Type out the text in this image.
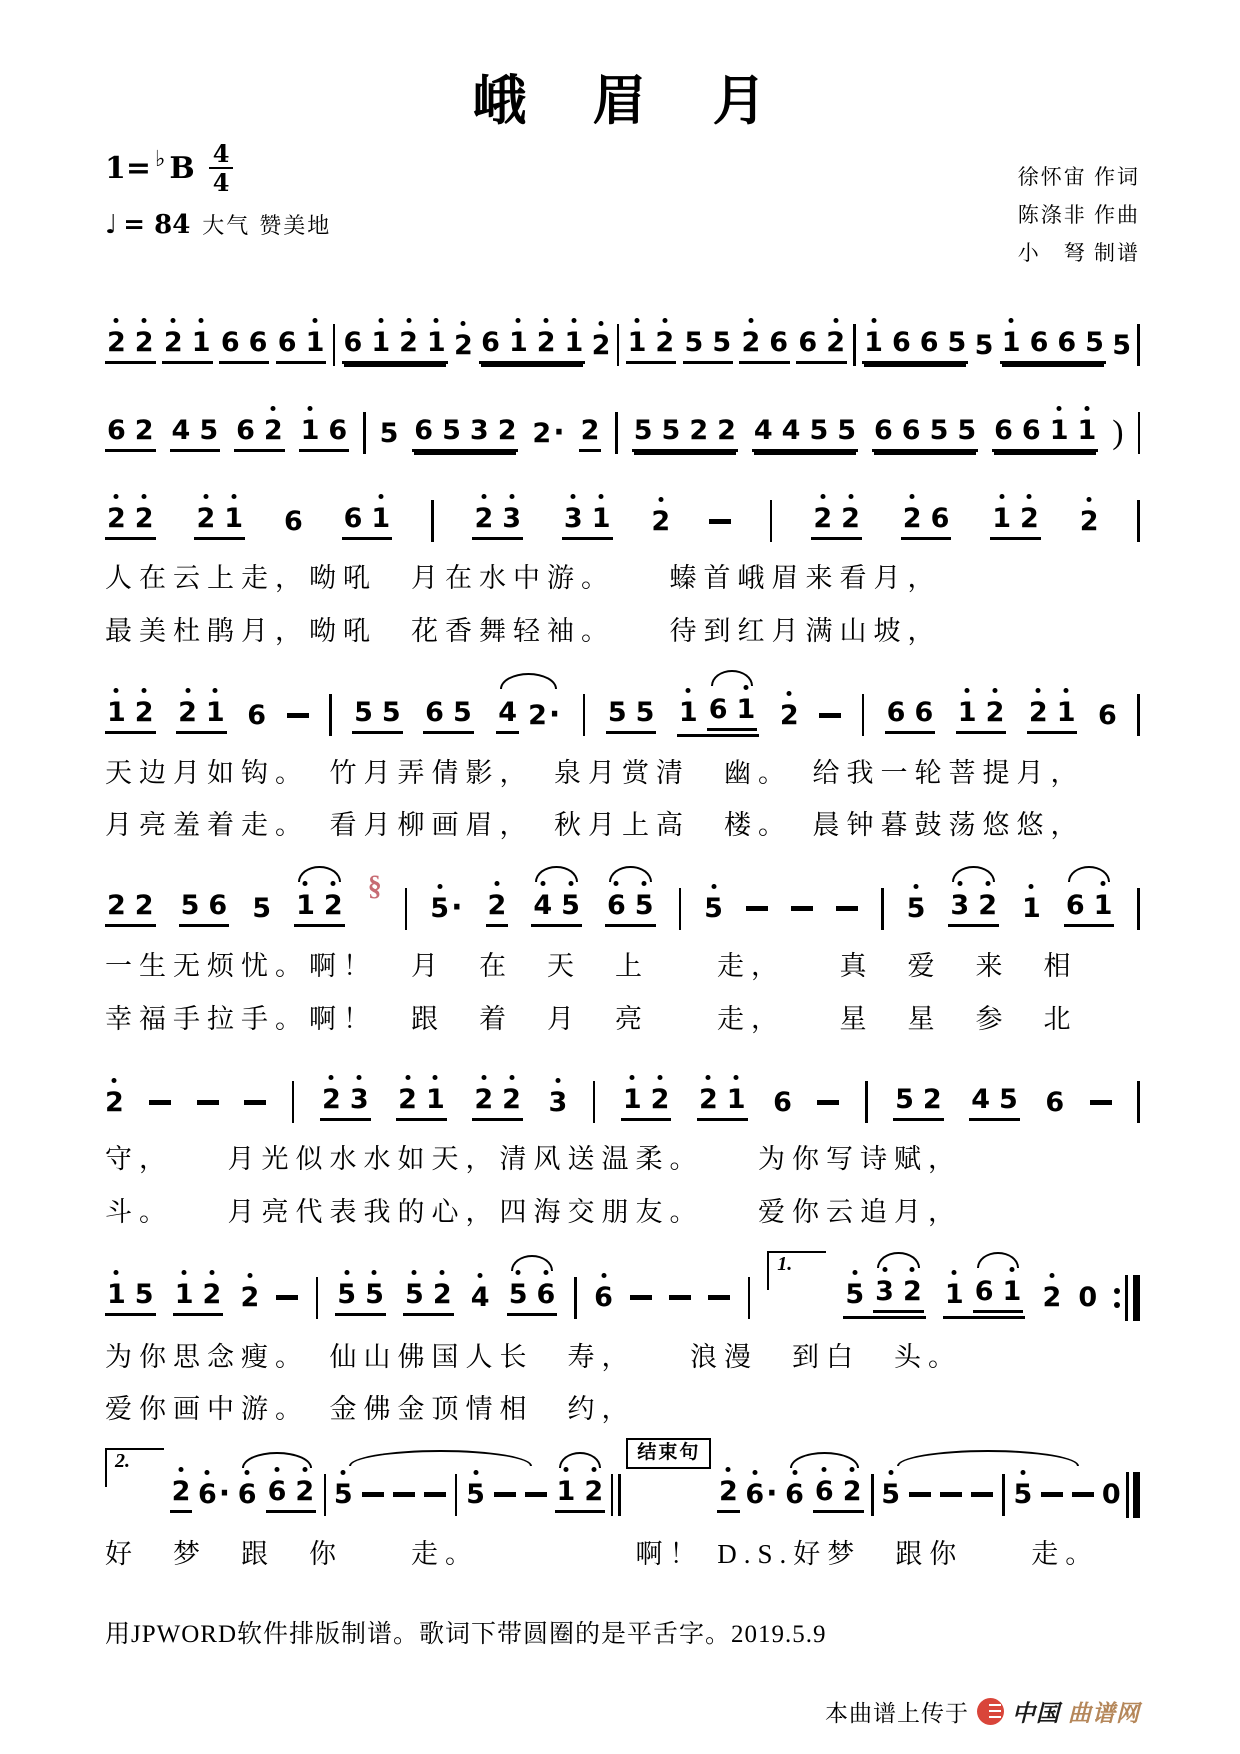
峨　眉　月
1= ♭ B $\frac{4}{4}$
♩ = 84 大气 赞美地
徐怀宙 作词
陈涤非 作曲
小　弩 制谱
2 2 2 1 6 6 6 1 6 1 2 1 2 6 1 2 1 2 1 2 5 5 2 6 6 2 1 6 6 5 5 1 6 6 5 5
6 2 4 5 6 2 1 6 5 6 5 3 2 2· 2 5 5 2 2 4 4 5 5 6 6 5 5 6 6 1 1 )
2 2 2 1 6 6 1	2 3 3 1 2	2 2 2 6 1 2 2
人在云上走，呦吼　月在水中游。　　螓首峨眉来看月，
最美杜鹃月，呦吼　花香舞轻袖。　　待到红月满山坡，
1 2 2 1 6	5 5 6 5 4 2· 5 5 1 6 1 2	6 6 1 2 2 1 6
天边月如钩。　竹月弄倩影，　泉月赏清　幽。　给我一轮菩提月，
月亮羞着走。　看月柳画眉，　秋月上高　楼。　晨钟暮鼓荡悠悠，
2 2 5 6 5 1 2
§
5· 2 4 5 6 5 5	5 3 2 1 6 1
一生无烦忧。啊！　月　在　天　上　　走，　　真　爱　来　相
幸福手拉手。啊！　跟　着　月　亮　　走，　　星　星　参　北
2	2 3 2 1 2 2 3 1 2 2 1 6	5 2 4 5 6
守，　　月光似水水如天，清风送温柔。　　为你写诗赋，
斗。　　月亮代表我的心，四海交朋友。　　爱你云追月，
1 5 1 2 2	5 5 5 2 4 5 6 6
1.
5 3 2 1 6 1 2 0
为你思念瘦。　仙山佛国人长　寿，　　浪漫　到白　头。
爱你画中游。　金佛金顶情相　约，
2.
2 6· 6 6 2 5	5	1 2
结束句
2 6· 6 6 2 5	5	0
好　梦　跟　你　　走。　　　　　啊！ D.S.好梦　跟你　　走。
用JPWORD软件排版制谱。歌词下带圆圈的是平舌字。2019.5.9
本曲谱上传于 中国 曲谱网
